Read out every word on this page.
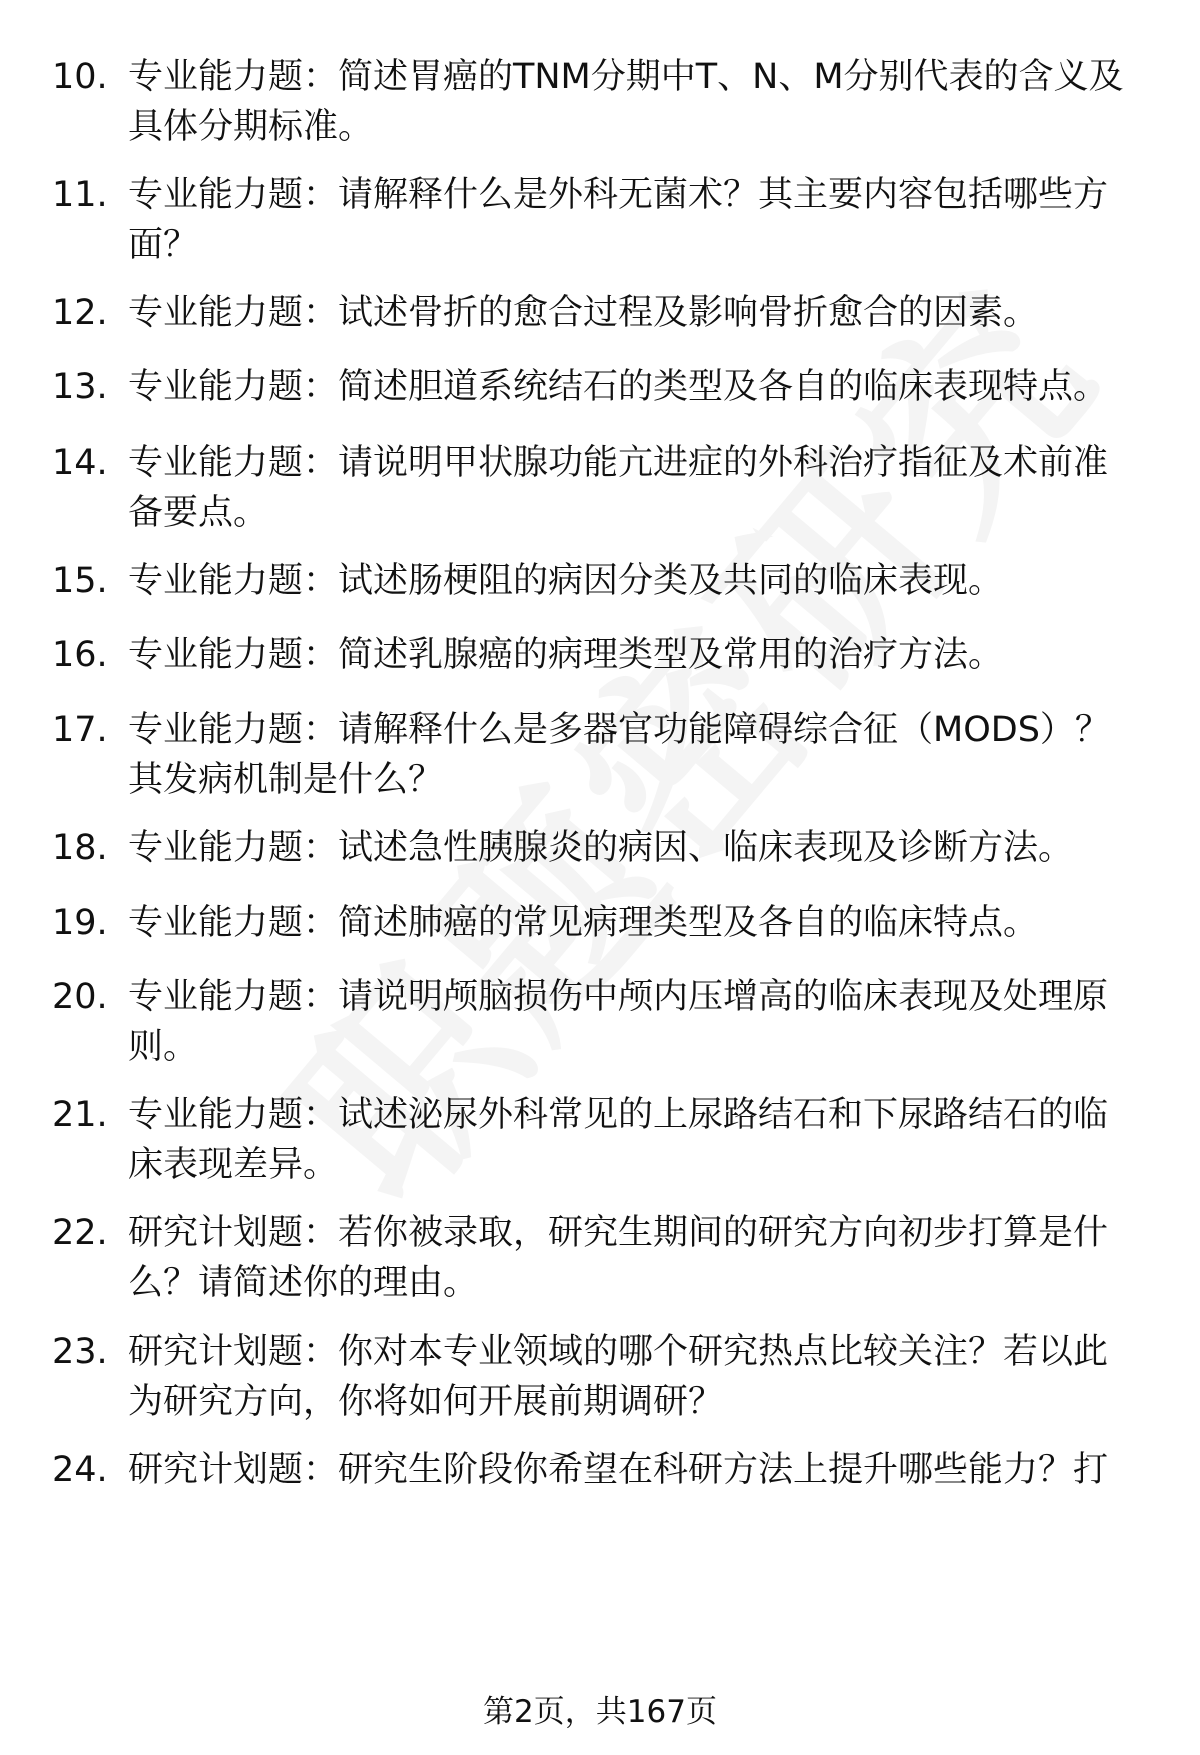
10. 专业能力题：简述胃癌的TNM分期中T、N、M分别代表的含义及具体分期标准。
11. 专业能力题：请解释什么是外科无菌术？其主要内容包括哪些方面？
12. 专业能力题：试述骨折的愈合过程及影响骨折愈合的因素。
13. 专业能力题：简述胆道系统结石的类型及各自的临床表现特点。
14. 专业能力题：请说明甲状腺功能亢进症的外科治疗指征及术前准备要点。
15. 专业能力题：试述肠梗阻的病因分类及共同的临床表现。
16. 专业能力题：简述乳腺癌的病理类型及常用的治疗方法。
17. 专业能力题：请解释什么是多器官功能障碍综合征（MODS）？其发病机制是什么？
18. 专业能力题：试述急性胰腺炎的病因、临床表现及诊断方法。
19. 专业能力题：简述肺癌的常见病理类型及各自的临床特点。
20. 专业能力题：请说明颅脑损伤中颅内压增高的临床表现及处理原则。
21. 专业能力题：试述泌尿外科常见的上尿路结石和下尿路结石的临床表现差异。
22. 研究计划题：若你被录取，研究生期间的研究方向初步打算是什么？请简述你的理由。
23. 研究计划题：你对本专业领域的哪个研究热点比较关注？若以此为研究方向，你将如何开展前期调研？
24. 研究计划题：研究生阶段你希望在科研方法上提升哪些能力？打
第2页，共167页
